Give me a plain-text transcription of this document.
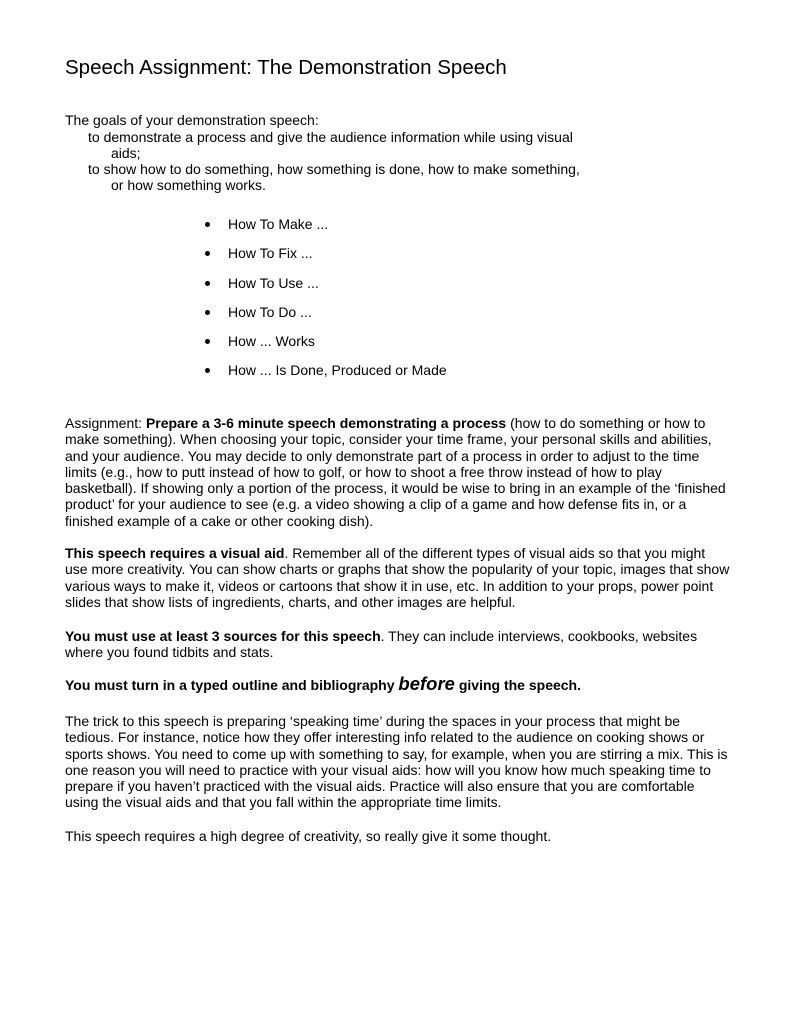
Speech Assignment: The Demonstration Speech

The goals of your demonstration speech:

to demonstrate a process and give the audience information while using visual aids;

to show how to do something, how something is done, how to make something, or how something works.

How To Make ...
How To Fix ...
How To Use ...
How To Do ...
How ... Works
How ... Is Done, Produced or Made

Assignment: Prepare a 3-6 minute speech demonstrating a process (how to do something or how to make something). When choosing your topic, consider your time frame, your personal skills and abilities, and your audience. You may decide to only demonstrate part of a process in order to adjust to the time limits (e.g., how to putt instead of how to golf, or how to shoot a free throw instead of how to play basketball). If showing only a portion of the process, it would be wise to bring in an example of the ‘finished product’ for your audience to see (e.g. a video showing a clip of a game and how defense fits in, or a finished example of a cake or other cooking dish).

This speech requires a visual aid. Remember all of the different types of visual aids so that you might use more creativity. You can show charts or graphs that show the popularity of your topic, images that show various ways to make it, videos or cartoons that show it in use, etc. In addition to your props, power point slides that show lists of ingredients, charts, and other images are helpful.

You must use at least 3 sources for this speech. They can include interviews, cookbooks, websites where you found tidbits and stats.

You must turn in a typed outline and bibliography before giving the speech.

The trick to this speech is preparing ‘speaking time’ during the spaces in your process that might be tedious. For instance, notice how they offer interesting info related to the audience on cooking shows or sports shows. You need to come up with something to say, for example, when you are stirring a mix. This is one reason you will need to practice with your visual aids: how will you know how much speaking time to prepare if you haven’t practiced with the visual aids. Practice will also ensure that you are comfortable using the visual aids and that you fall within the appropriate time limits.

This speech requires a high degree of creativity, so really give it some thought.
